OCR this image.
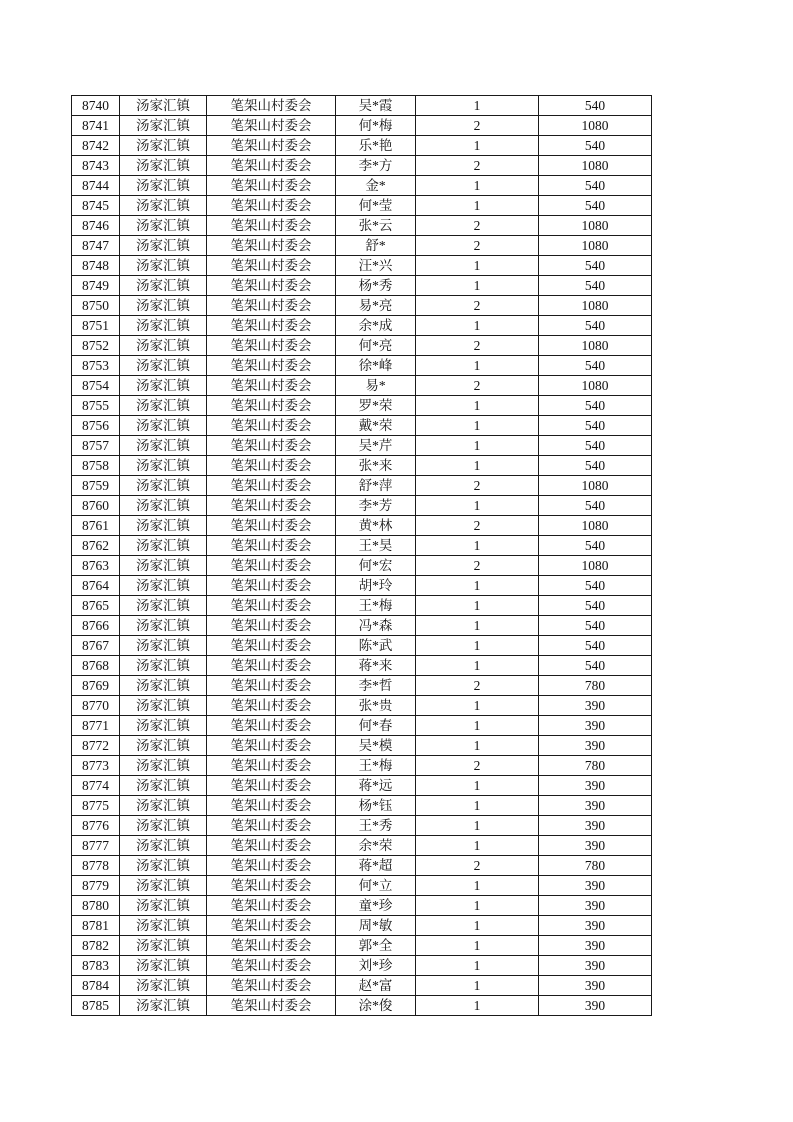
8740	汤家汇镇	笔架山村委会	吴*霞	1	540
8741	汤家汇镇	笔架山村委会	何*梅	2	1080
8742	汤家汇镇	笔架山村委会	乐*艳	1	540
8743	汤家汇镇	笔架山村委会	李*方	2	1080
8744	汤家汇镇	笔架山村委会	金*	1	540
8745	汤家汇镇	笔架山村委会	何*莹	1	540
8746	汤家汇镇	笔架山村委会	张*云	2	1080
8747	汤家汇镇	笔架山村委会	舒*	2	1080
8748	汤家汇镇	笔架山村委会	汪*兴	1	540
8749	汤家汇镇	笔架山村委会	杨*秀	1	540
8750	汤家汇镇	笔架山村委会	易*亮	2	1080
8751	汤家汇镇	笔架山村委会	余*成	1	540
8752	汤家汇镇	笔架山村委会	何*亮	2	1080
8753	汤家汇镇	笔架山村委会	徐*峰	1	540
8754	汤家汇镇	笔架山村委会	易*	2	1080
8755	汤家汇镇	笔架山村委会	罗*荣	1	540
8756	汤家汇镇	笔架山村委会	戴*荣	1	540
8757	汤家汇镇	笔架山村委会	吴*芹	1	540
8758	汤家汇镇	笔架山村委会	张*来	1	540
8759	汤家汇镇	笔架山村委会	舒*萍	2	1080
8760	汤家汇镇	笔架山村委会	李*芳	1	540
8761	汤家汇镇	笔架山村委会	黄*林	2	1080
8762	汤家汇镇	笔架山村委会	王*昊	1	540
8763	汤家汇镇	笔架山村委会	何*宏	2	1080
8764	汤家汇镇	笔架山村委会	胡*玲	1	540
8765	汤家汇镇	笔架山村委会	王*梅	1	540
8766	汤家汇镇	笔架山村委会	冯*森	1	540
8767	汤家汇镇	笔架山村委会	陈*武	1	540
8768	汤家汇镇	笔架山村委会	蒋*来	1	540
8769	汤家汇镇	笔架山村委会	李*哲	2	780
8770	汤家汇镇	笔架山村委会	张*贵	1	390
8771	汤家汇镇	笔架山村委会	何*春	1	390
8772	汤家汇镇	笔架山村委会	吴*模	1	390
8773	汤家汇镇	笔架山村委会	王*梅	2	780
8774	汤家汇镇	笔架山村委会	蒋*远	1	390
8775	汤家汇镇	笔架山村委会	杨*钰	1	390
8776	汤家汇镇	笔架山村委会	王*秀	1	390
8777	汤家汇镇	笔架山村委会	余*荣	1	390
8778	汤家汇镇	笔架山村委会	蒋*超	2	780
8779	汤家汇镇	笔架山村委会	何*立	1	390
8780	汤家汇镇	笔架山村委会	童*珍	1	390
8781	汤家汇镇	笔架山村委会	周*敏	1	390
8782	汤家汇镇	笔架山村委会	郭*全	1	390
8783	汤家汇镇	笔架山村委会	刘*珍	1	390
8784	汤家汇镇	笔架山村委会	赵*富	1	390
8785	汤家汇镇	笔架山村委会	涂*俊	1	390
